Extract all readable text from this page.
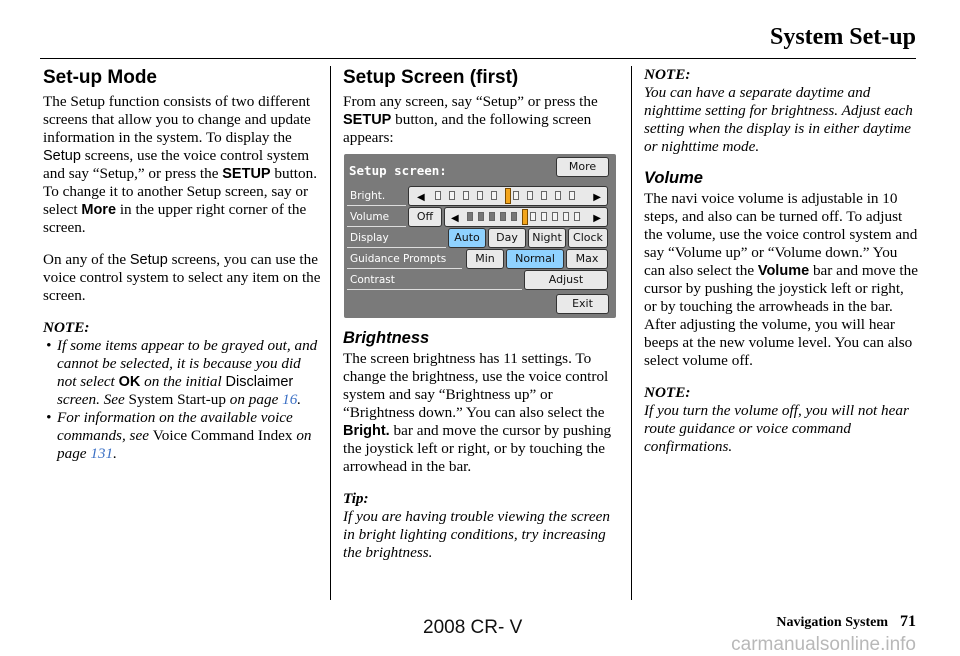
System Set-up
Set-up Mode

The Setup function consists of two different screens that allow you to change and update information in the system. To display the Setup screens, use the voice control system and say “Setup,” or press the SETUP button. To change it to another Setup screen, say or select More in the upper right corner of the screen.

On any of the Setup screens, you can use the voice control system to select any item on the screen.

NOTE:

• If some items appear to be grayed out, and cannot be selected, it is because you did not select OK on the initial Disclaimer screen. See System Start-up on page 16.
• For information on the available voice commands, see Voice Command Index on page 131.
Setup Screen (first)

From any screen, say “Setup” or press the SETUP button, and the following screen appears:

Setup screen:	More
Bright.	◀	▶
Volume	Off	◀	▶
Display	Auto	Day	Night	Clock
Guidance Prompts	Min	Normal	Max
Contrast	Adjust
Exit
Brightness

The screen brightness has 11 settings. To change the brightness, use the voice control system and say “Brightness up” or “Brightness down.” You can also select the Bright. bar and move the cursor by pushing the joystick left or right, or by touching the arrowhead in the bar.

Tip:

If you are having trouble viewing the screen in bright lighting conditions, try increasing the brightness.

NOTE:

You can have a separate daytime and nighttime setting for brightness. Adjust each setting when the display is in either daytime or nighttime mode.

Volume

The navi voice volume is adjustable in 10 steps, and also can be turned off. To adjust the volume, use the voice control system and say “Volume up” or “Volume down.” You can also select the Volume bar and move the cursor by pushing the joystick left or right, or by touching the arrowheads in the bar. After adjusting the volume, you will hear beeps at the new volume level. You can also select volume off.

NOTE:

If you turn the volume off, you will not hear route guidance or voice command confirmations.

Navigation System 71
2008 CR- V
carmanualsonline.info
